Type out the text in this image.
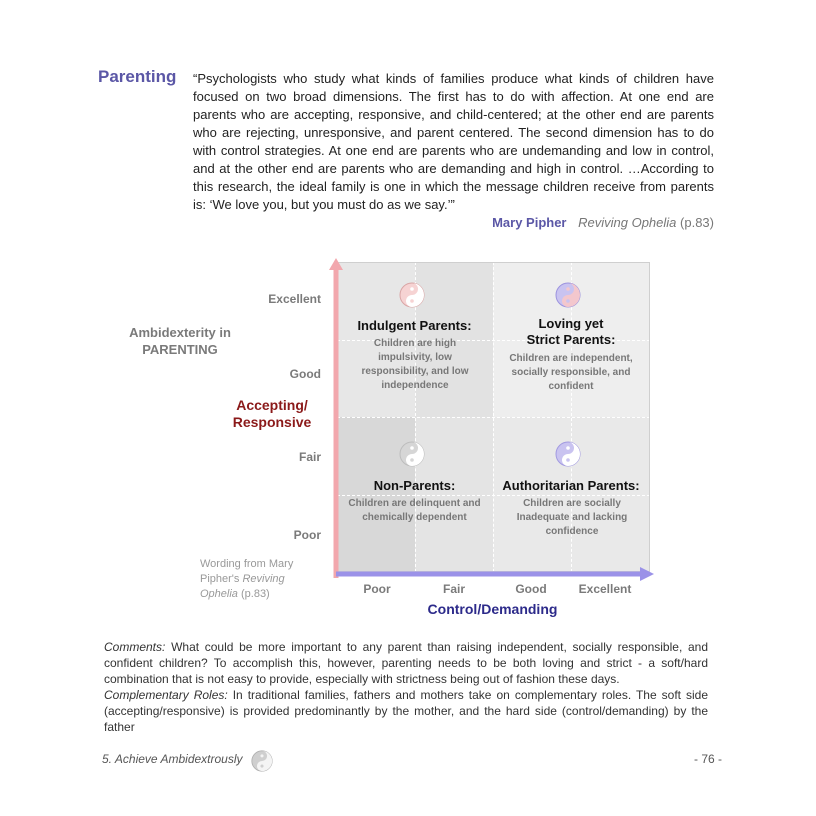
Parenting “Psychologists who study what kinds of families produce what kinds of children have focused on two broad dimensions. The first has to do with affection. At one end are parents who are accepting, responsive, and child-centered; at the other end are parents who are rejecting, unresponsive, and parent centered. The second dimension has to do with control strategies. At one end are parents who are undemanding and low in control, and at the other end are parents who are demanding and high in control. …According to this research, the ideal family is one in which the message children receive from parents is: ‘We love you, but you must do as we say.’”
Mary Pipher Reviving Ophelia (p.83)
Ambidexterity in
PARENTING
Accepting/
Responsive
Excellent
Good
Fair
Poor
Poor	Fair	Good	Excellent
Control/Demanding
Wording from Mary
Pipher's Reviving
Ophelia (p.83)
Indulgent Parents:
Children are high impulsivity, low responsibility, and low independence
Loving yet
Strict Parents:
Children are independent, socially responsible, and confident
Non-Parents:
Children are delinquent and chemically dependent
Authoritarian Parents:
Children are socially Inadequate and lacking confidence
Comments: What could be more important to any parent than raising independent, socially responsible, and confident children? To accomplish this, however, parenting needs to be both loving and strict - a soft/hard combination that is not easy to provide, especially with strictness being out of fashion these days.
Complementary Roles: In traditional families, fathers and mothers take on complementary roles. The soft side (accepting/responsive) is provided predominantly by the mother, and the hard side (control/demanding) by the father
5. Achieve Ambidextrously	- 76 -
